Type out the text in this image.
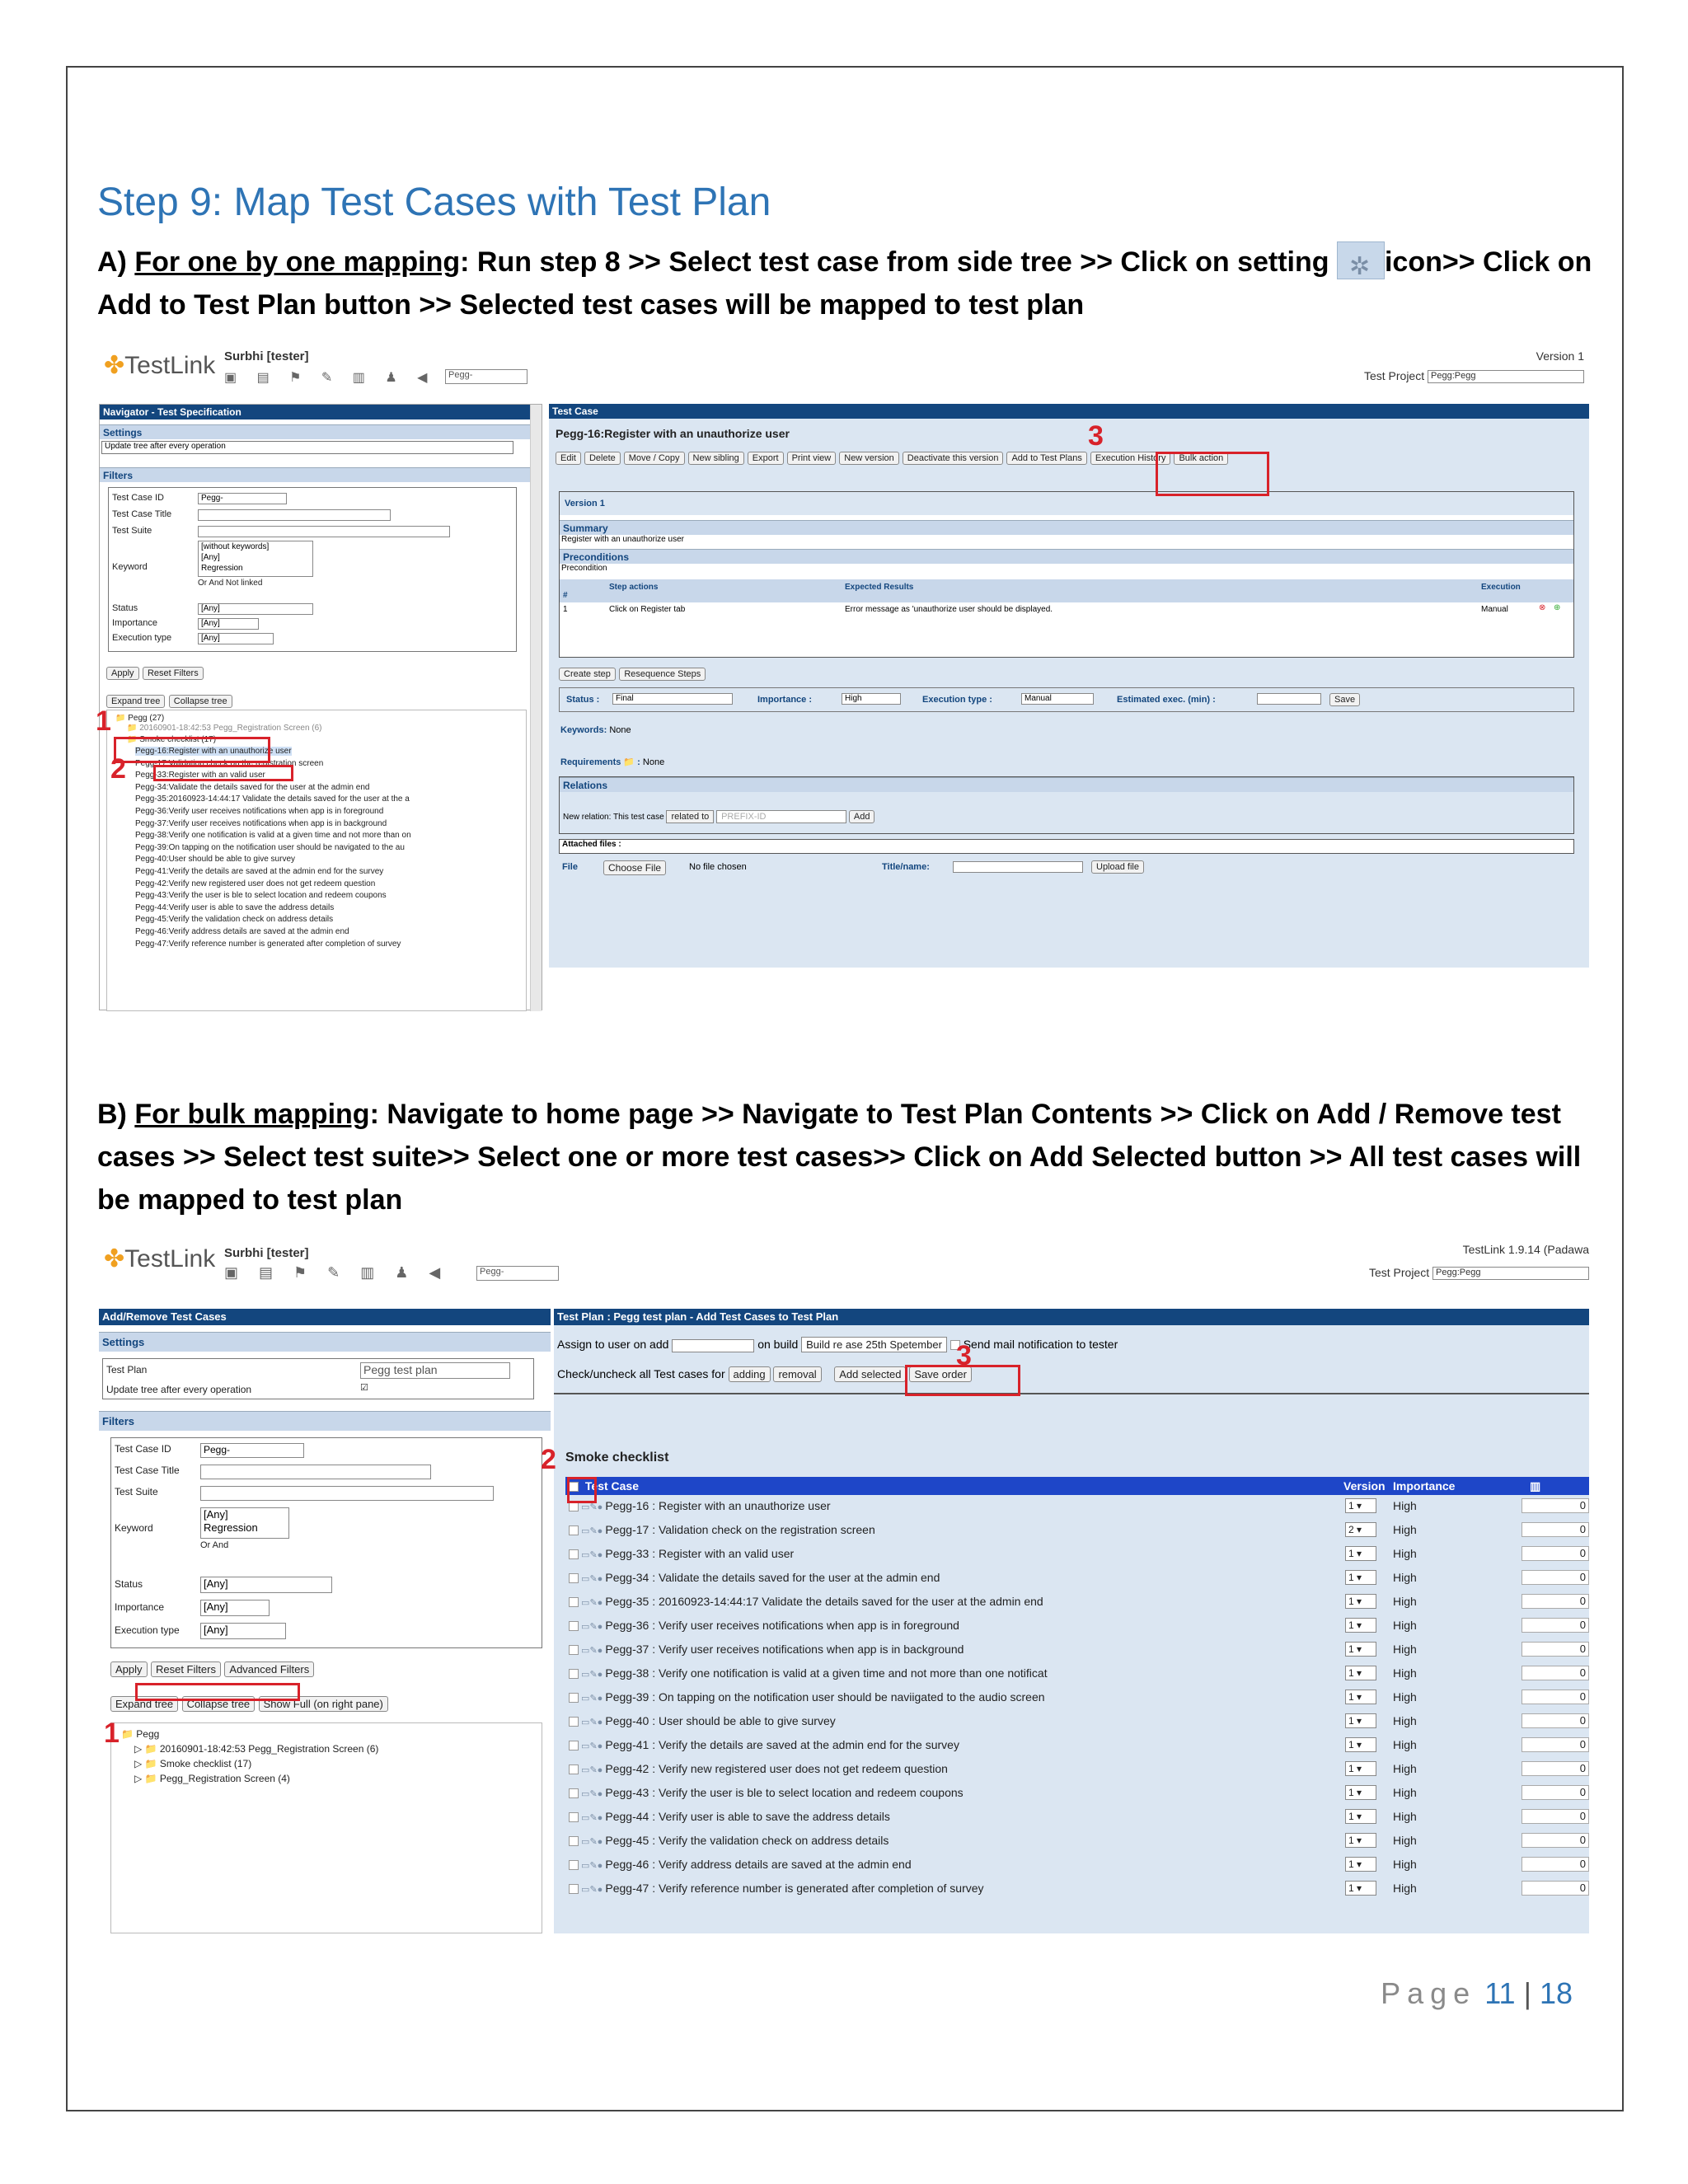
Step 9: Map Test Cases with Test Plan
A) For one by one mapping: Run step 8 >> Select test case from side tree >> Click on setting ✲ icon>> Click on Add to Test Plan button >> Selected test cases will be mapped to test plan
✤TestLink Surbhi [tester]
▣ ▤ ⚑ ✎ ▥ ♟ ◀	Pegg-
Version 1
Test Project Pegg:Pegg
Navigator - Test Specification
Settings
Update tree after every operation
Filters
Test Case ID	Pegg-
Test Case Title
Test Suite
Keyword
[without keywords]
[Any]
Regression
Or And Not linked
Status	[Any]
Importance	[Any]
Execution type	[Any]
Apply Reset Filters
Expand tree Collapse tree
📁 Pegg (27)
📁 20160901-18:42:53 Pegg_Registration Screen (6)
📁 Smoke checklist (17)
Pegg-16:Register with an unauthorize user
Pegg-17:Validation check on the registration screen
Pegg-33:Register with an valid user
Pegg-34:Validate the details saved for the user at the admin end
Pegg-35:20160923-14:44:17 Validate the details saved for the user at the a
Pegg-36:Verify user receives notifications when app is in foreground
Pegg-37:Verify user receives notifications when app is in background
Pegg-38:Verify one notification is valid at a given time and not more than on
Pegg-39:On tapping on the notification user should be navigated to the au
Pegg-40:User should be able to give survey
Pegg-41:Verify the details are saved at the admin end for the survey
Pegg-42:Verify new registered user does not get redeem question
Pegg-43:Verify the user is ble to select location and redeem coupons
Pegg-44:Verify user is able to save the address details
Pegg-45:Verify the validation check on address details
Pegg-46:Verify address details are saved at the admin end
Pegg-47:Verify reference number is generated after completion of survey
1
2
Test Case
Pegg-16:Register with an unauthorize user
Edit Delete Move / Copy New sibling Export Print view New version Deactivate this version Add to Test Plans Execution History Bulk action
Version 1
Summary
Register with an unauthorize user
Preconditions
Precondition
#
Step actions	Expected Results	Execution
1	Click on Register tab	Error message as 'unauthorize user should be displayed.	Manual	⊗ ⊕
Create step Resequence Steps
Status :	Final	Importance :	High	Execution type :	Manual	Estimated exec. (min) :	Save
Keywords: None
Requirements 📁 : None
Relations
New relation: This test case related to PREFIX-ID	Add
Attached files :
File	Choose File	No file chosen	Title/name:	Upload file
3
B) For bulk mapping: Navigate to home page >> Navigate to Test Plan Contents >> Click on Add / Remove test cases >> Select test suite>> Select one or more test cases>> Click on Add Selected button >> All test cases will be mapped to test plan
✤TestLink Surbhi [tester]
▣ ▤ ⚑ ✎ ▥ ♟ ◀	Pegg-
TestLink 1.9.14 (Padawa
Test Project Pegg:Pegg
Add/Remove Test Cases
Settings
Test Plan	Pegg test plan
Update tree after every operation	☑
Filters
Test Case ID	Pegg-
Test Case Title
Test Suite
Keyword
[Any]
Regression
Or And
Status	[Any]
Importance	[Any]
Execution type	[Any]
Apply Reset Filters Advanced Filters
Expand tree Collapse tree Show Full (on right pane)
📁 Pegg
▷ 📁 20160901-18:42:53 Pegg_Registration Screen (6)
▷ 📁 Smoke checklist (17)
▷ 📁 Pegg_Registration Screen (4)
1
Test Plan : Pegg test plan - Add Test Cases to Test Plan
Assign to user on add	on build Build re ase 25th Spetember Send mail notification to tester
Check/uncheck all Test cases for adding removal Add selected Save order
Smoke checklist
Test Case	Version Importance	▥
▭✎● Pegg-16 : Register with an unauthorize user	1 ▾	High	0
▭✎● Pegg-17 : Validation check on the registration screen	2 ▾	High	0
▭✎● Pegg-33 : Register with an valid user	1 ▾	High	0
▭✎● Pegg-34 : Validate the details saved for the user at the admin end	1 ▾	High	0
▭✎● Pegg-35 : 20160923-14:44:17 Validate the details saved for the user at the admin end	1 ▾	High	0
▭✎● Pegg-36 : Verify user receives notifications when app is in foreground	1 ▾	High	0
▭✎● Pegg-37 : Verify user receives notifications when app is in background	1 ▾	High	0
▭✎● Pegg-38 : Verify one notification is valid at a given time and not more than one notificat	1 ▾	High	0
▭✎● Pegg-39 : On tapping on the notification user should be naviigated to the audio screen	1 ▾	High	0
▭✎● Pegg-40 : User should be able to give survey	1 ▾	High	0
▭✎● Pegg-41 : Verify the details are saved at the admin end for the survey	1 ▾	High	0
▭✎● Pegg-42 : Verify new registered user does not get redeem question	1 ▾	High	0
▭✎● Pegg-43 : Verify the user is ble to select location and redeem coupons	1 ▾	High	0
▭✎● Pegg-44 : Verify user is able to save the address details	1 ▾	High	0
▭✎● Pegg-45 : Verify the validation check on address details	1 ▾	High	0
▭✎● Pegg-46 : Verify address details are saved at the admin end	1 ▾	High	0
▭✎● Pegg-47 : Verify reference number is generated after completion of survey	1 ▾	High	0
3
2
Page 11 | 18
